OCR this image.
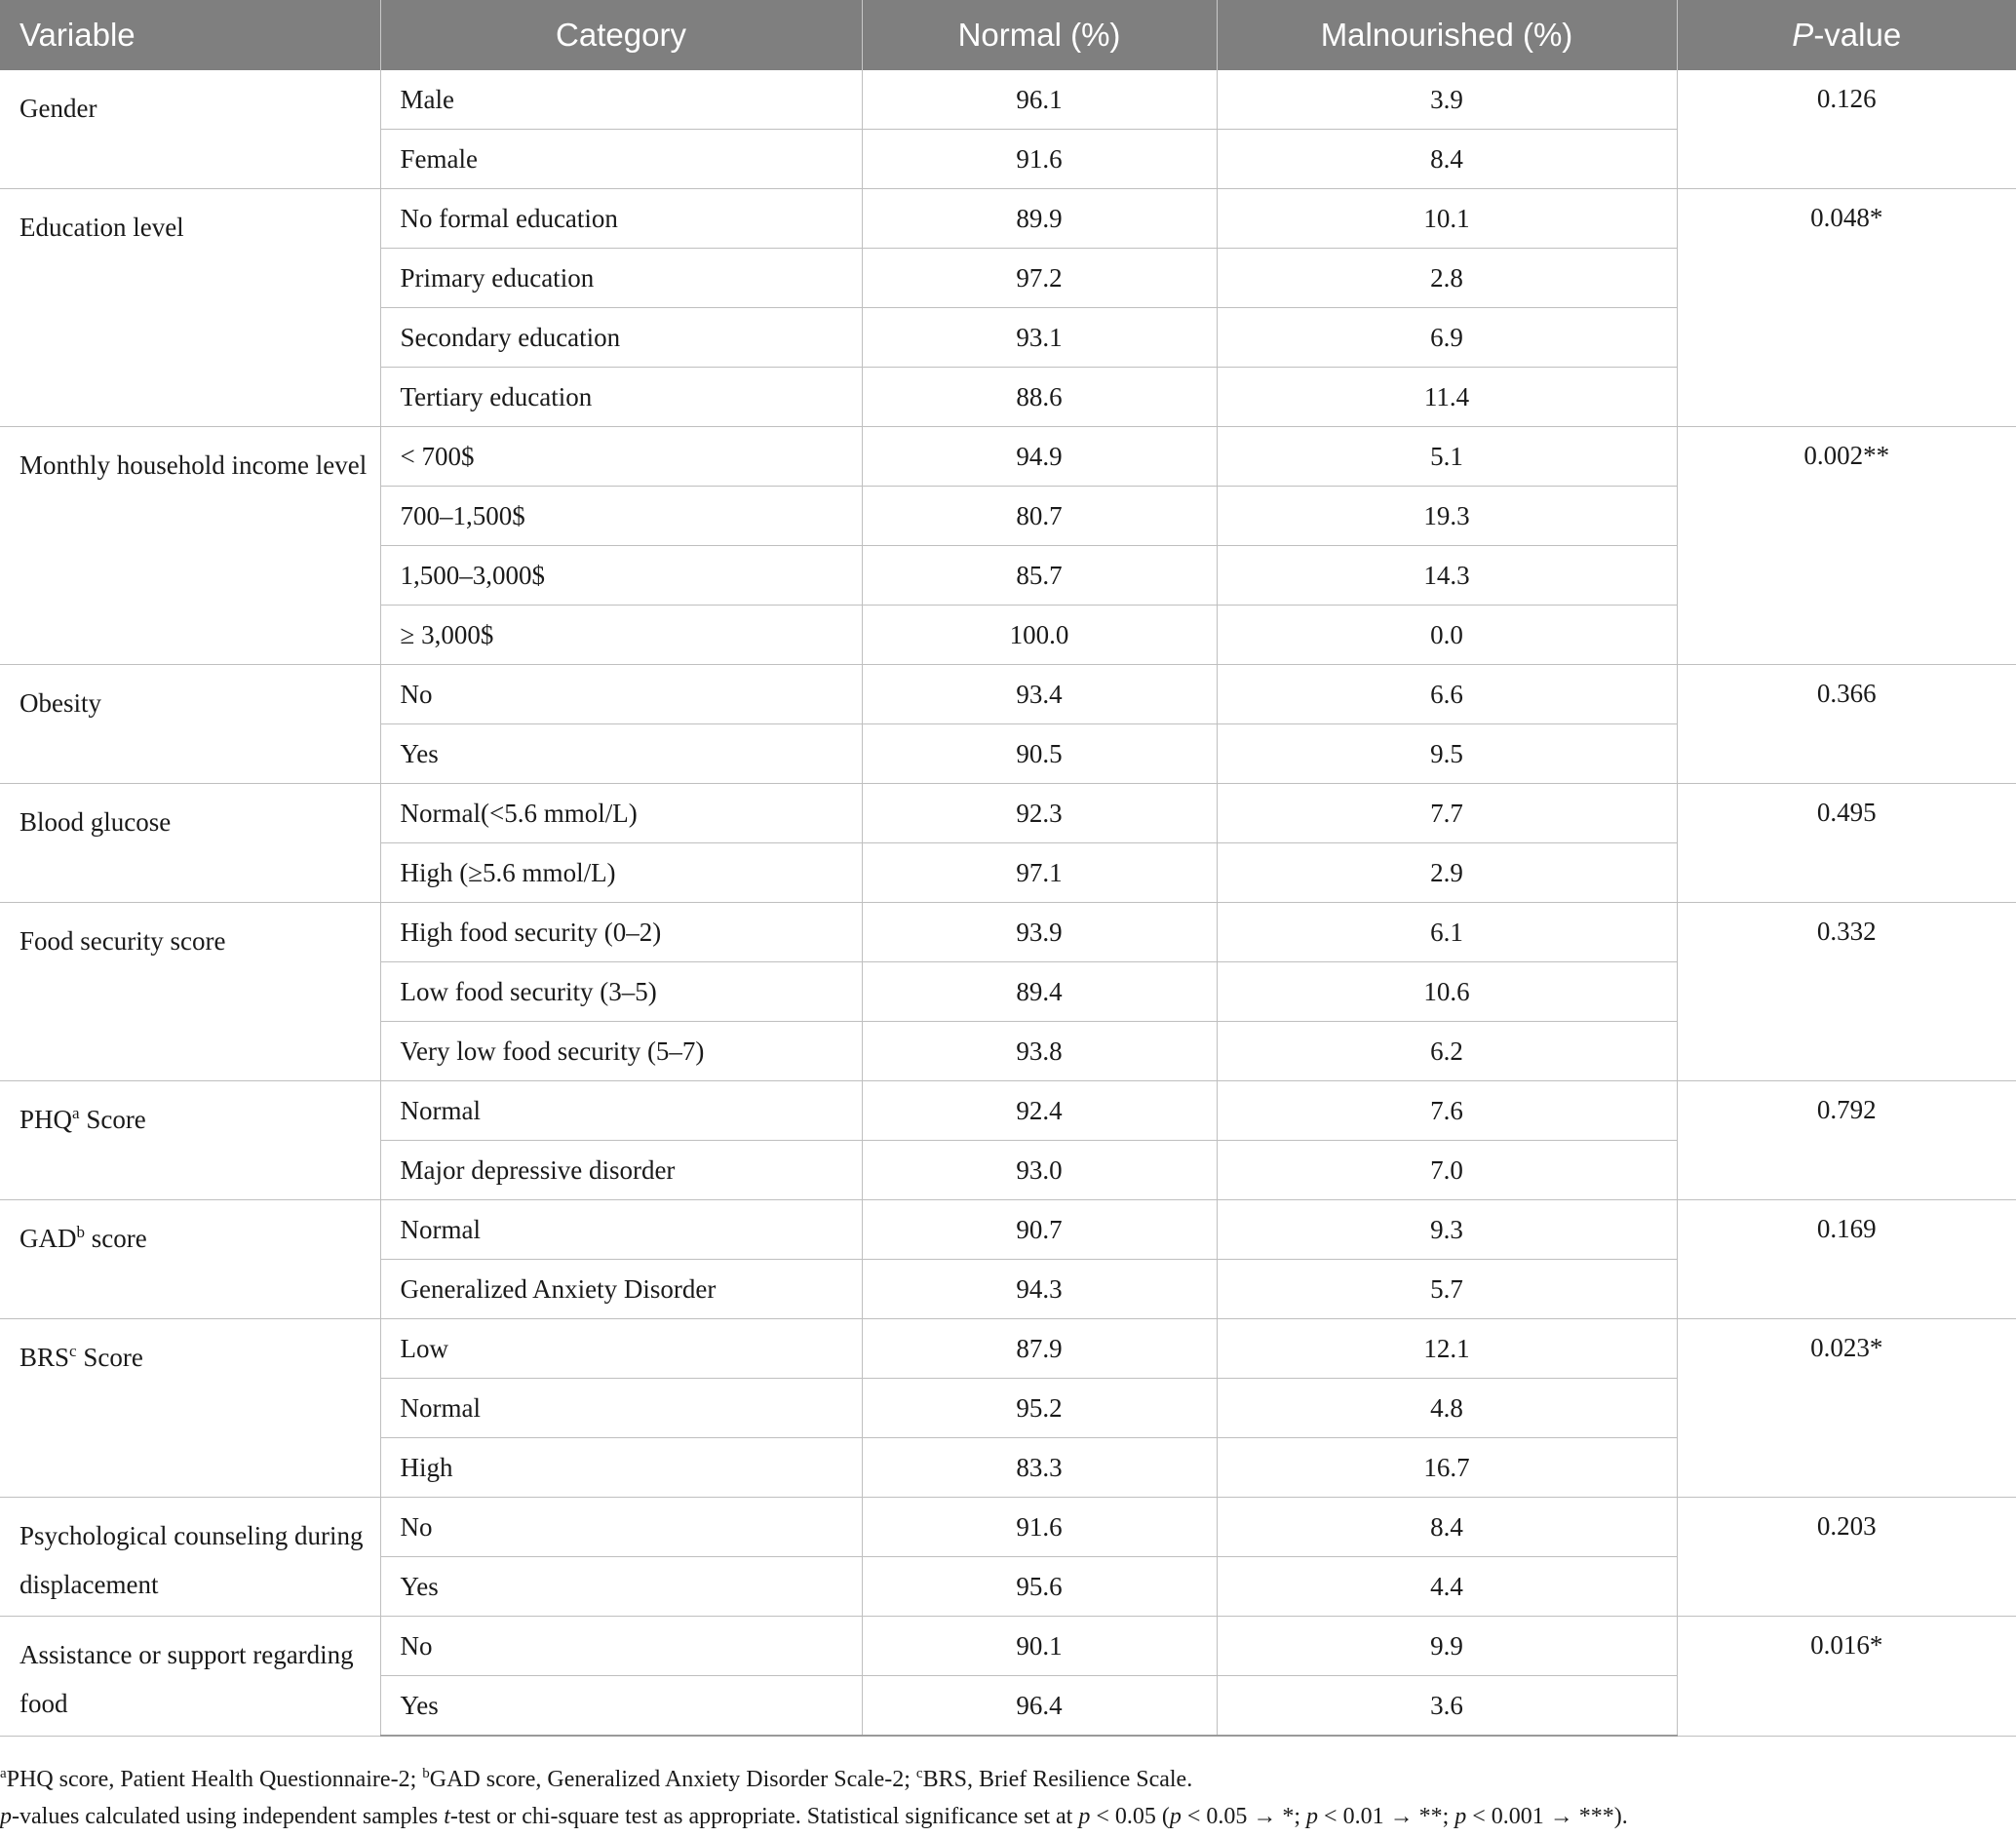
Variable	Category	Normal (%)	Malnourished (%)	P-value
Gender	Male	96.1	3.9	0.126
	Female	91.6	8.4	
Education level	No formal education	89.9	10.1	0.048*
	Primary education	97.2	2.8	
	Secondary education	93.1	6.9	
	Tertiary education	88.6	11.4	
Monthly household income level	< 700$	94.9	5.1	0.002**
	700–1,500$	80.7	19.3	
	1,500–3,000$	85.7	14.3	
	≥ 3,000$	100.0	0.0	
Obesity	No	93.4	6.6	0.366
	Yes	90.5	9.5	
Blood glucose	Normal(<5.6 mmol/L)	92.3	7.7	0.495
	High (≥5.6 mmol/L)	97.1	2.9	
Food security score	High food security (0–2)	93.9	6.1	0.332
	Low food security (3–5)	89.4	10.6	
	Very low food security (5–7)	93.8	6.2	
PHQ$^a$ Score	Normal	92.4	7.6	0.792
	Major depressive disorder	93.0	7.0	
GAD$^b$ score	Normal	90.7	9.3	0.169
	Generalized Anxiety Disorder	94.3	5.7	
BRS$^c$ Score	Low	87.9	12.1	0.023*
	Normal	95.2	4.8	
	High	83.3	16.7	
Psychological counseling during displacement	No	91.6	8.4	0.203
	Yes	95.6	4.4	
Assistance or support regarding food	No	90.1	9.9	0.016*
	Yes	96.4	3.6	
$^a$PHQ score, Patient Health Questionnaire-2; $^b$GAD score, Generalized Anxiety Disorder Scale-2; $^c$BRS, Brief Resilience Scale.
p-values calculated using independent samples t-test or chi-square test as appropriate. Statistical significance set at p < 0.05 (p < 0.05 → *; p < 0.01 → **; p < 0.001 → ***).
